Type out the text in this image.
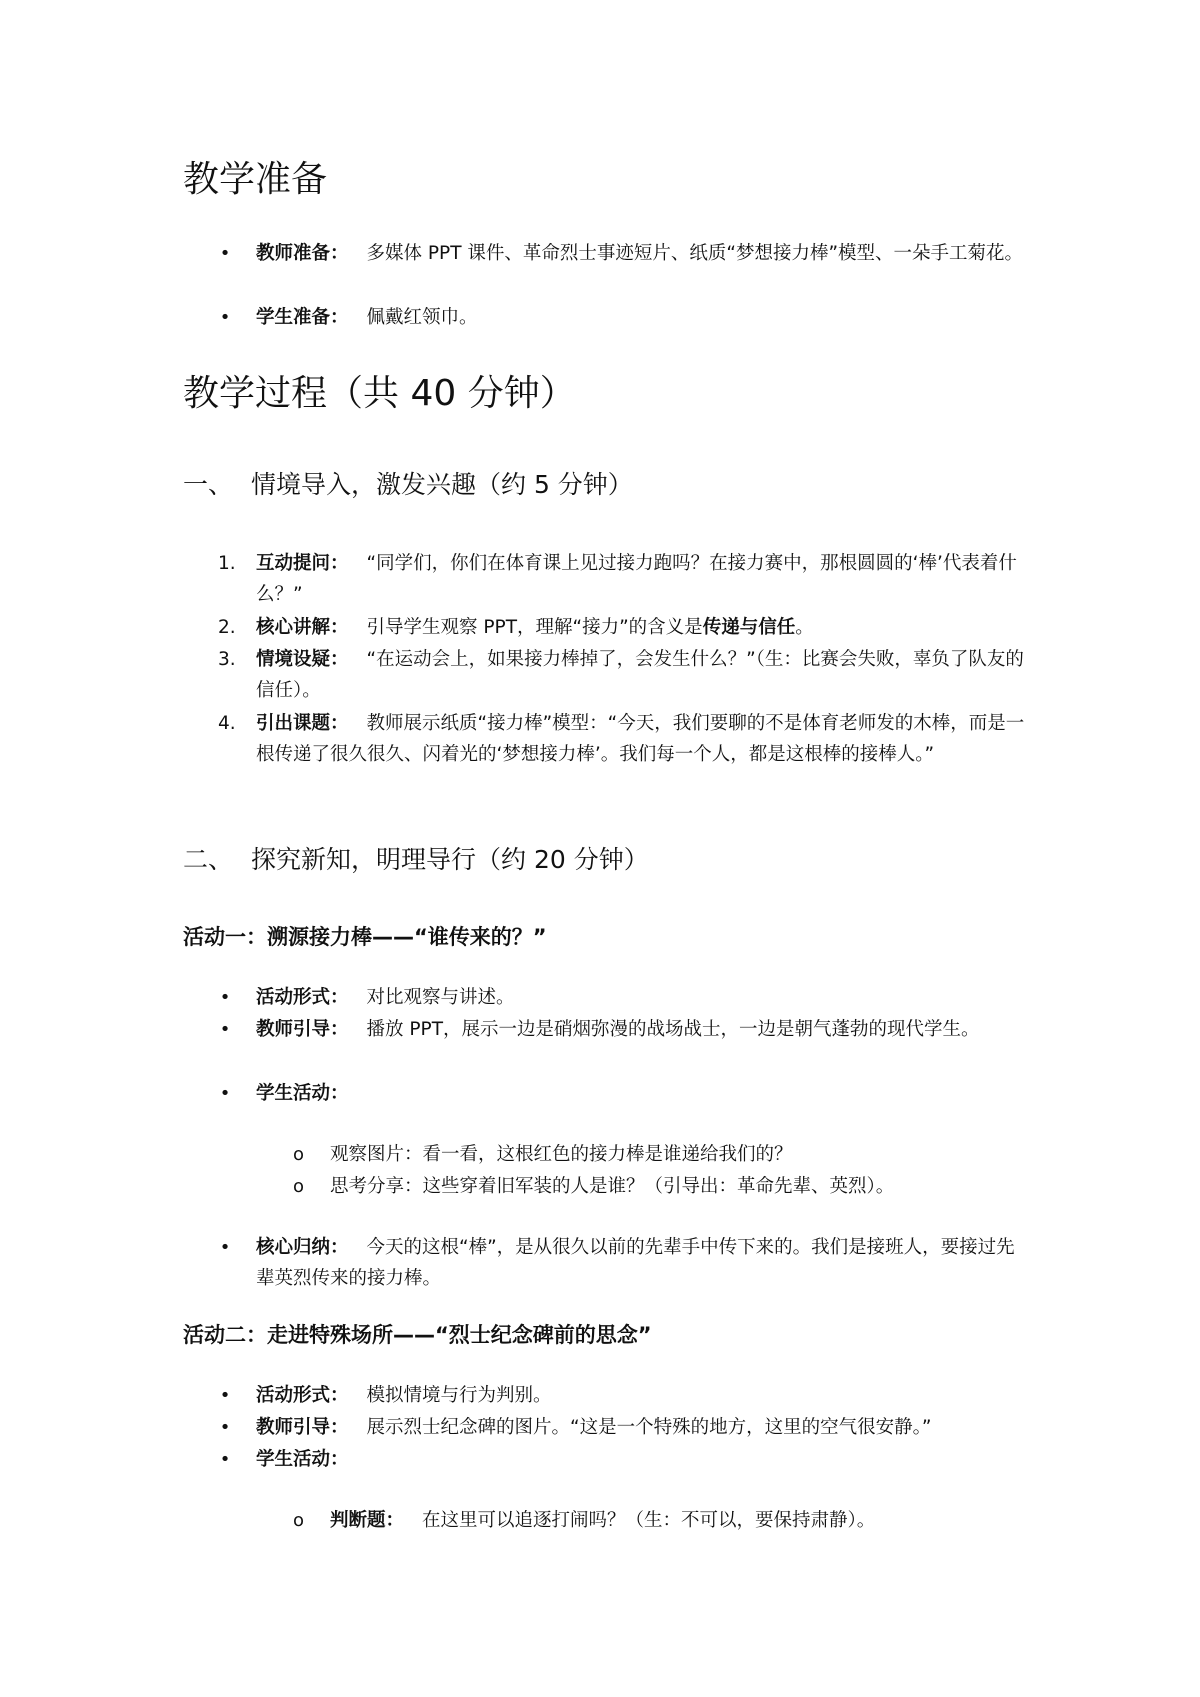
教学准备
• 教师准备： 多媒体 PPT 课件、革命烈士事迹短片、纸质“梦想接力棒”模型、一朵手工菊花。
• 学生准备： 佩戴红领巾。
教学过程（共 40 分钟）
一、 情境导入，激发兴趣（约 5 分钟）
1.	互动提问： “同学们，你们在体育课上见过接力跑吗？在接力赛中，那根圆圆的‘棒’代表着什么？”
2.	核心讲解： 引导学生观察 PPT，理解“接力”的含义是传递与信任。
3.	情境设疑： “在运动会上，如果接力棒掉了，会发生什么？”（生：比赛会失败，辜负了队友的信任）。
4.	引出课题： 教师展示纸质“接力棒”模型：“今天，我们要聊的不是体育老师发的木棒，而是一根传递了很久很久、闪着光的‘梦想接力棒’。我们每一个人，都是这根棒的接棒人。”
二、 探究新知，明理导行（约 20 分钟）
活动一：溯源接力棒——“谁传来的？”
• 活动形式： 对比观察与讲述。
• 教师引导： 播放 PPT，展示一边是硝烟弥漫的战场战士，一边是朝气蓬勃的现代学生。
• 学生活动：
o 观察图片：看一看，这根红色的接力棒是谁递给我们的？
o 思考分享：这些穿着旧军装的人是谁？（引导出：革命先辈、英烈）。
• 核心归纳： 今天的这根“棒”，是从很久以前的先辈手中传下来的。我们是接班人，要接过先辈英烈传来的接力棒。
活动二：走进特殊场所——“烈士纪念碑前的思念”
• 活动形式： 模拟情境与行为判别。
• 教师引导： 展示烈士纪念碑的图片。“这是一个特殊的地方，这里的空气很安静。”
• 学生活动：
o 判断题： 在这里可以追逐打闹吗？（生：不可以，要保持肃静）。
